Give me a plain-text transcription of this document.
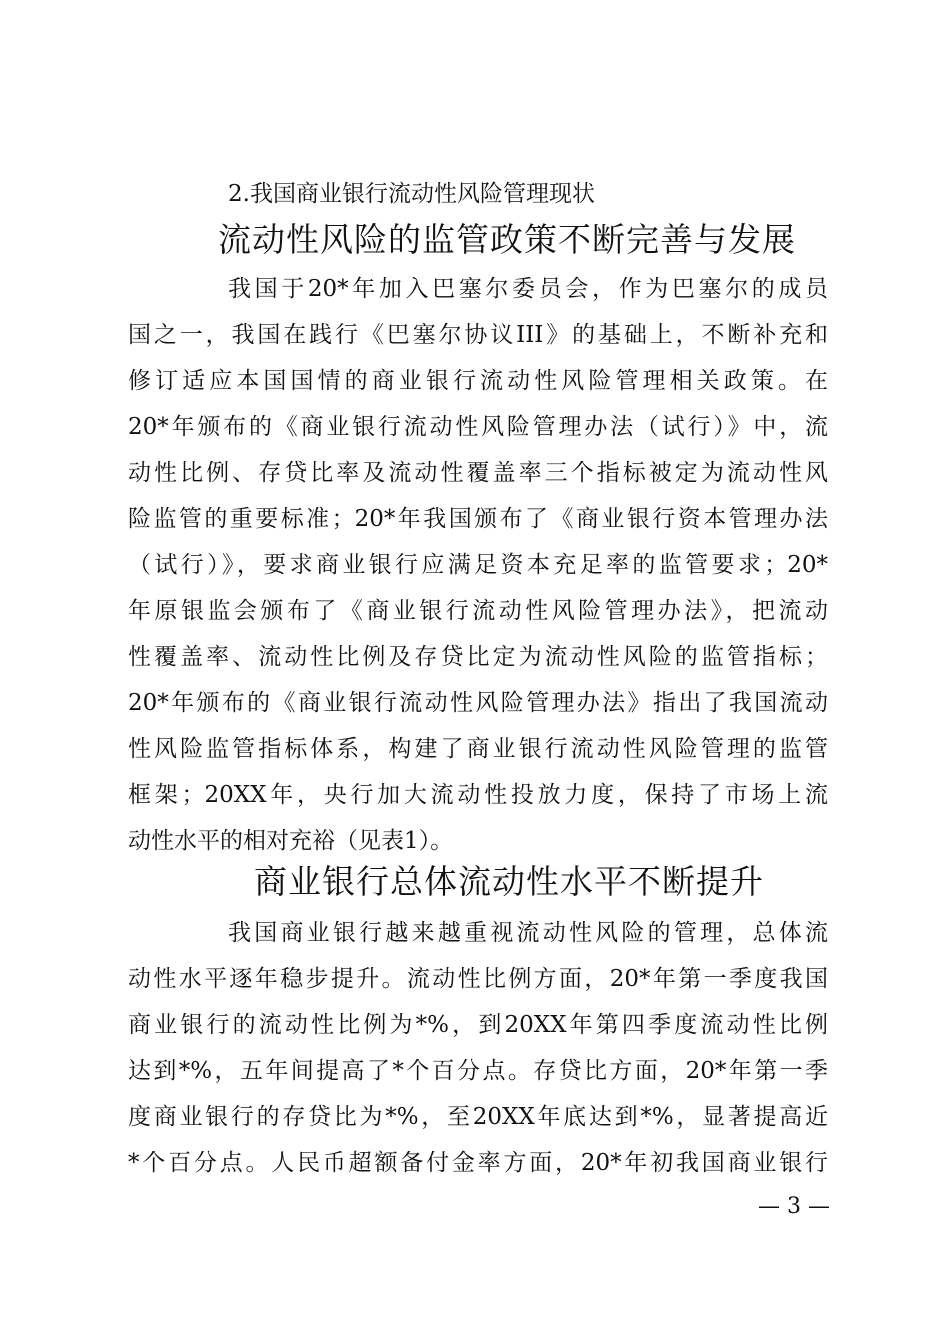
2.我国商业银行流动性风险管理现状
流动性风险的监管政策不断完善与发展
我国于20*年加入巴塞尔委员会，作为巴塞尔的成员
国之一，我国在践行《巴塞尔协议III》的基础上，不断补充和
修订适应本国国情的商业银行流动性风险管理相关政策。在
20*年颁布的《商业银行流动性风险管理办法（试行）》中，流
动性比例、存贷比率及流动性覆盖率三个指标被定为流动性风
险监管的重要标准；20*年我国颁布了《商业银行资本管理办法
（试行）》，要求商业银行应满足资本充足率的监管要求；20*
年原银监会颁布了《商业银行流动性风险管理办法》，把流动
性覆盖率、流动性比例及存贷比定为流动性风险的监管指标；
20*年颁布的《商业银行流动性风险管理办法》指出了我国流动
性风险监管指标体系，构建了商业银行流动性风险管理的监管
框架；20XX年，央行加大流动性投放力度，保持了市场上流
动性水平的相对充裕（见表1）。
商业银行总体流动性水平不断提升
我国商业银行越来越重视流动性风险的管理，总体流
动性水平逐年稳步提升。流动性比例方面，20*年第一季度我国
商业银行的流动性比例为*%，到20XX年第四季度流动性比例
达到*%，五年间提高了*个百分点。存贷比方面，20*年第一季
度商业银行的存贷比为*%，至20XX年底达到*%，显著提高近
*个百分点。人民币超额备付金率方面，20*年初我国商业银行
— 3 —
